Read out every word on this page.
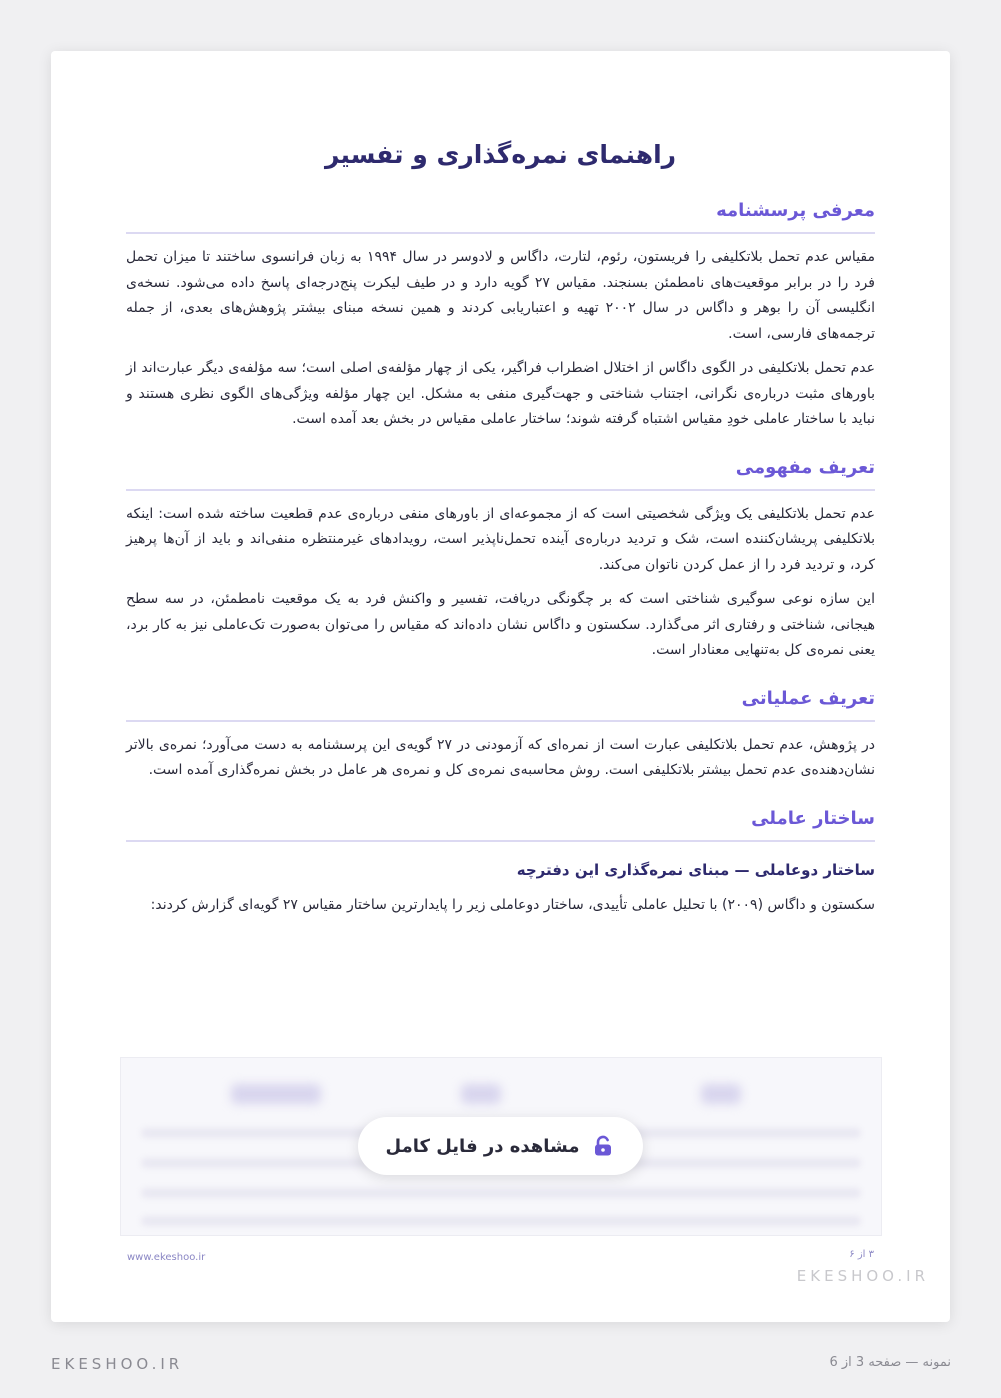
راهنمای نمره‌گذاری و تفسیر
معرفی پرسشنامه

مقیاس عدم تحمل بلاتکلیفی را فریستون، رئوم، لتارت، داگاس و لادوسر در سال ۱۹۹۴ به زبان فرانسوی ساختند تا میزان تحمل فرد را در برابر موقعیت‌های نامطمئن بسنجند. مقیاس ۲۷ گویه دارد و در طیف لیکرت پنج‌درجه‌ای پاسخ داده می‌شود. نسخه‌ی انگلیسی آن را بوهر و داگاس در سال ۲۰۰۲ تهیه و اعتباریابی کردند و همین نسخه مبنای بیشتر پژوهش‌های بعدی، از جمله ترجمه‌های فارسی، است.

عدم تحمل بلاتکلیفی در الگوی داگاس از اختلال اضطراب فراگیر، یکی از چهار مؤلفه‌ی اصلی است؛ سه مؤلفه‌ی دیگر عبارت‌اند از باورهای مثبت درباره‌ی نگرانی، اجتناب شناختی و جهت‌گیری منفی به مشکل. این چهار مؤلفه ویژگی‌های الگوی نظری هستند و نباید با ساختار عاملی خودِ مقیاس اشتباه گرفته شوند؛ ساختار عاملی مقیاس در بخش بعد آمده است.

تعریف مفهومی

عدم تحمل بلاتکلیفی یک ویژگی شخصیتی است که از مجموعه‌ای از باورهای منفی درباره‌ی عدم قطعیت ساخته شده است: اینکه بلاتکلیفی پریشان‌کننده است، شک و تردید درباره‌ی آینده تحمل‌ناپذیر است، رویدادهای غیرمنتظره منفی‌اند و باید از آن‌ها پرهیز کرد، و تردید فرد را از عمل کردن ناتوان می‌کند.

این سازه نوعی سوگیری شناختی است که بر چگونگی دریافت، تفسیر و واکنش فرد به یک موقعیت نامطمئن، در سه سطح هیجانی، شناختی و رفتاری اثر می‌گذارد. سکستون و داگاس نشان داده‌اند که مقیاس را می‌توان به‌صورت تک‌عاملی نیز به کار برد، یعنی نمره‌ی کل به‌تنهایی معنادار است.

تعریف عملیاتی

در پژوهش، عدم تحمل بلاتکلیفی عبارت است از نمره‌ای که آزمودنی در ۲۷ گویه‌ی این پرسشنامه به دست می‌آورد؛ نمره‌ی بالاتر نشان‌دهنده‌ی عدم تحمل بیشتر بلاتکلیفی است. روش محاسبه‌ی نمره‌ی کل و نمره‌ی هر عامل در بخش نمره‌گذاری آمده است.

ساختار عاملی
ساختار دوعاملی — مبنای نمره‌گذاری این دفترچه

سکستون و داگاس (۲۰۰۹) با تحلیل عاملی تأییدی، ساختار دوعاملی زیر را پایدارترین ساختار مقیاس ۲۷ گویه‌ای گزارش کردند:

مشاهده در فایل کامل
www.ekeshoo.ir	۳ از ۶
EKESHOO.IR
EKESHOO.IR	نمونه — صفحه 3 از 6
